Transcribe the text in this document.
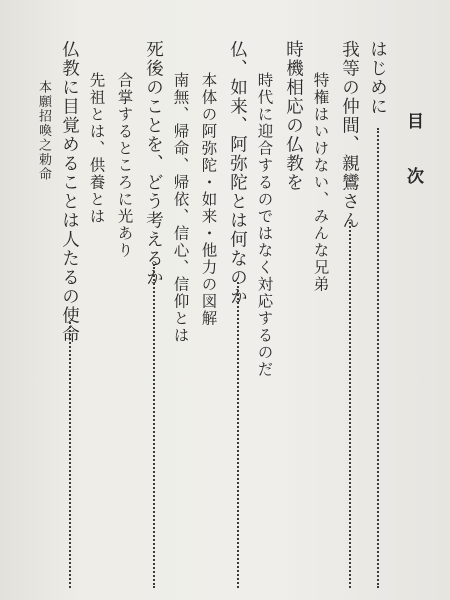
目 次
はじめに
我等の仲間、親鸞さん
特権はいけない、みんな兄弟
時機相応の仏教を
時代に迎合するのではなく対応するのだ
仏、如来、阿弥陀とは何なのか
本体の阿弥陀・如来・他力の図解
南無、帰命、帰依、信心、信仰とは
死後のことを、どう考えるか
合掌するところに光あり
先祖とは、供養とは
仏教に目覚めることは人たるの使命
本願招喚之勅命
